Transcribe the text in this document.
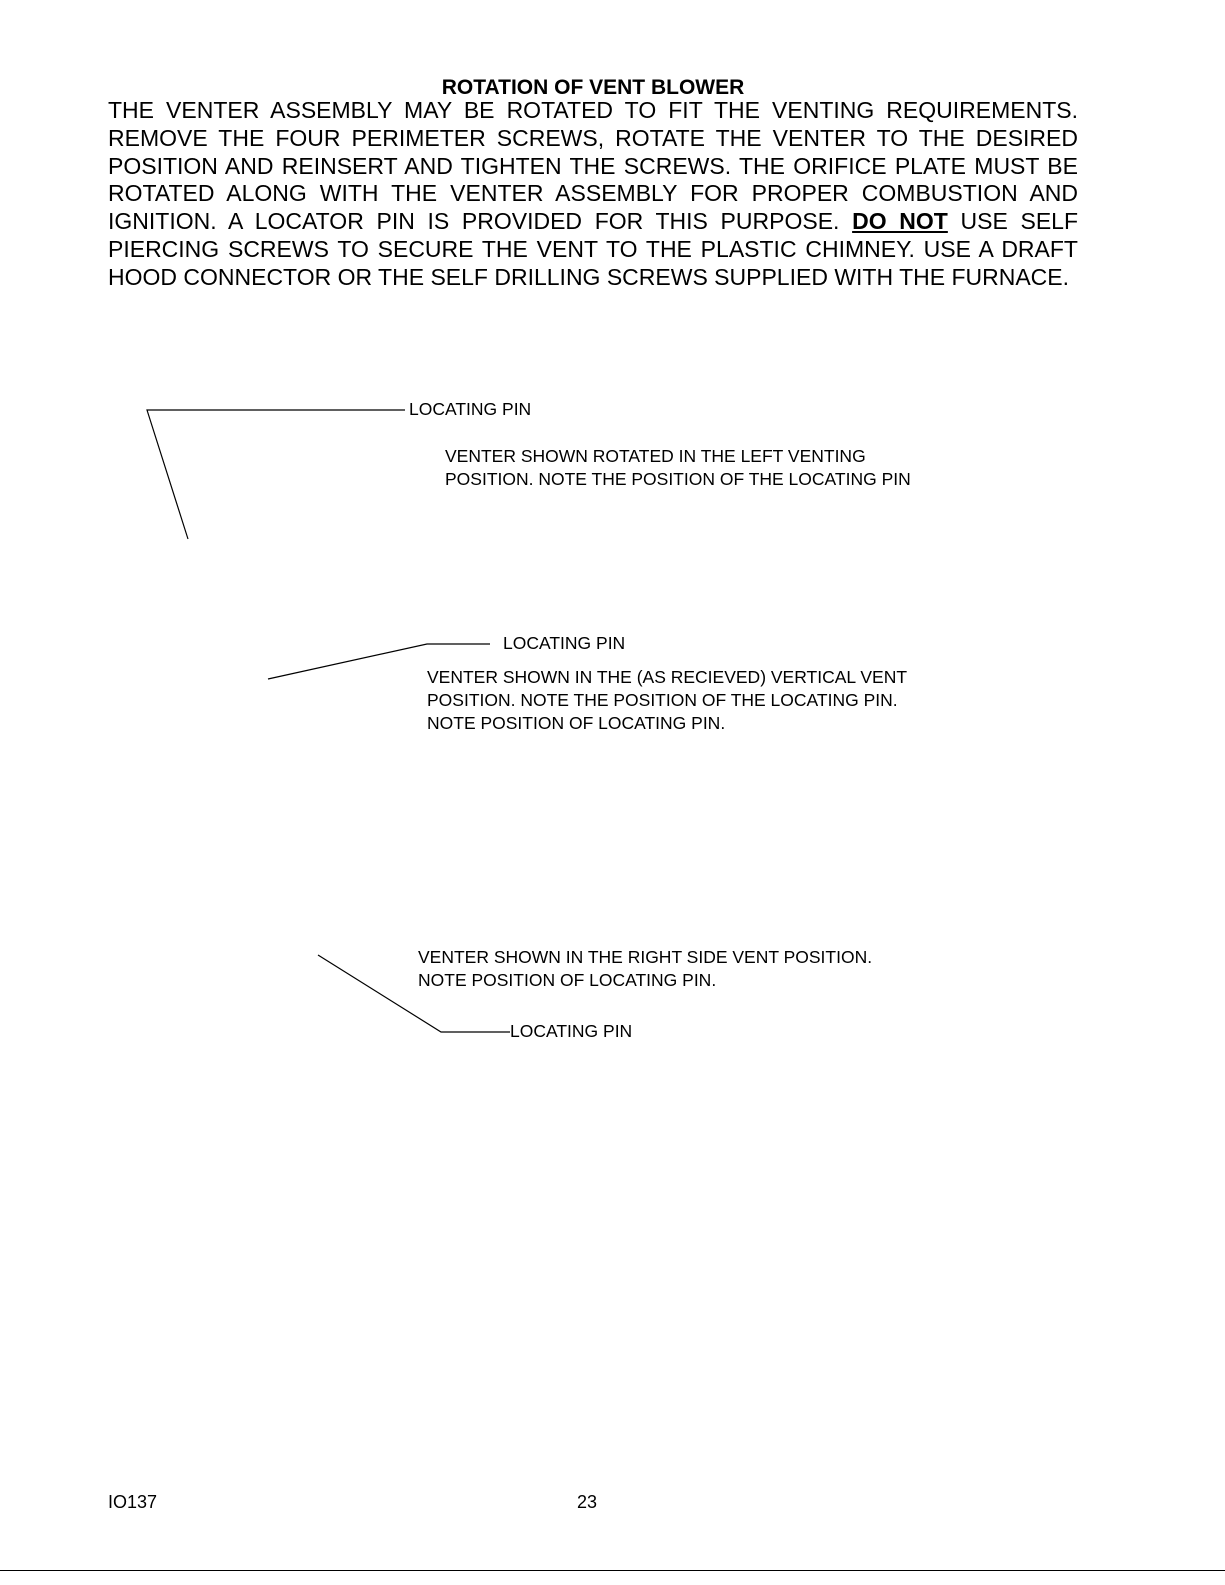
ROTATION OF VENT BLOWER
THE VENTER ASSEMBLY MAY BE ROTATED TO FIT THE VENTING REQUIREMENTS. REMOVE THE FOUR PERIMETER SCREWS, ROTATE THE VENTER TO THE DESIRED POSITION AND REINSERT AND TIGHTEN THE SCREWS. THE ORIFICE PLATE MUST BE ROTATED ALONG WITH THE VENTER ASSEMBLY FOR PROPER COMBUSTION AND IGNITION. A LOCATOR PIN IS PROVIDED FOR THIS PURPOSE. DO NOT USE SELF PIERCING SCREWS TO SECURE THE VENT TO THE PLASTIC CHIMNEY. USE A DRAFT HOOD CONNECTOR OR THE SELF DRILLING SCREWS SUPPLIED WITH THE FURNACE.
LOCATING PIN
VENTER SHOWN ROTATED IN THE LEFT VENTING
POSITION. NOTE THE POSITION OF THE LOCATING PIN
LOCATING PIN
VENTER SHOWN IN THE (AS RECIEVED) VERTICAL VENT
POSITION. NOTE THE POSITION OF THE LOCATING PIN.
NOTE POSITION OF LOCATING PIN.
VENTER SHOWN IN THE RIGHT SIDE VENT POSITION.
NOTE POSITION OF LOCATING PIN.
LOCATING PIN
IO137	23
